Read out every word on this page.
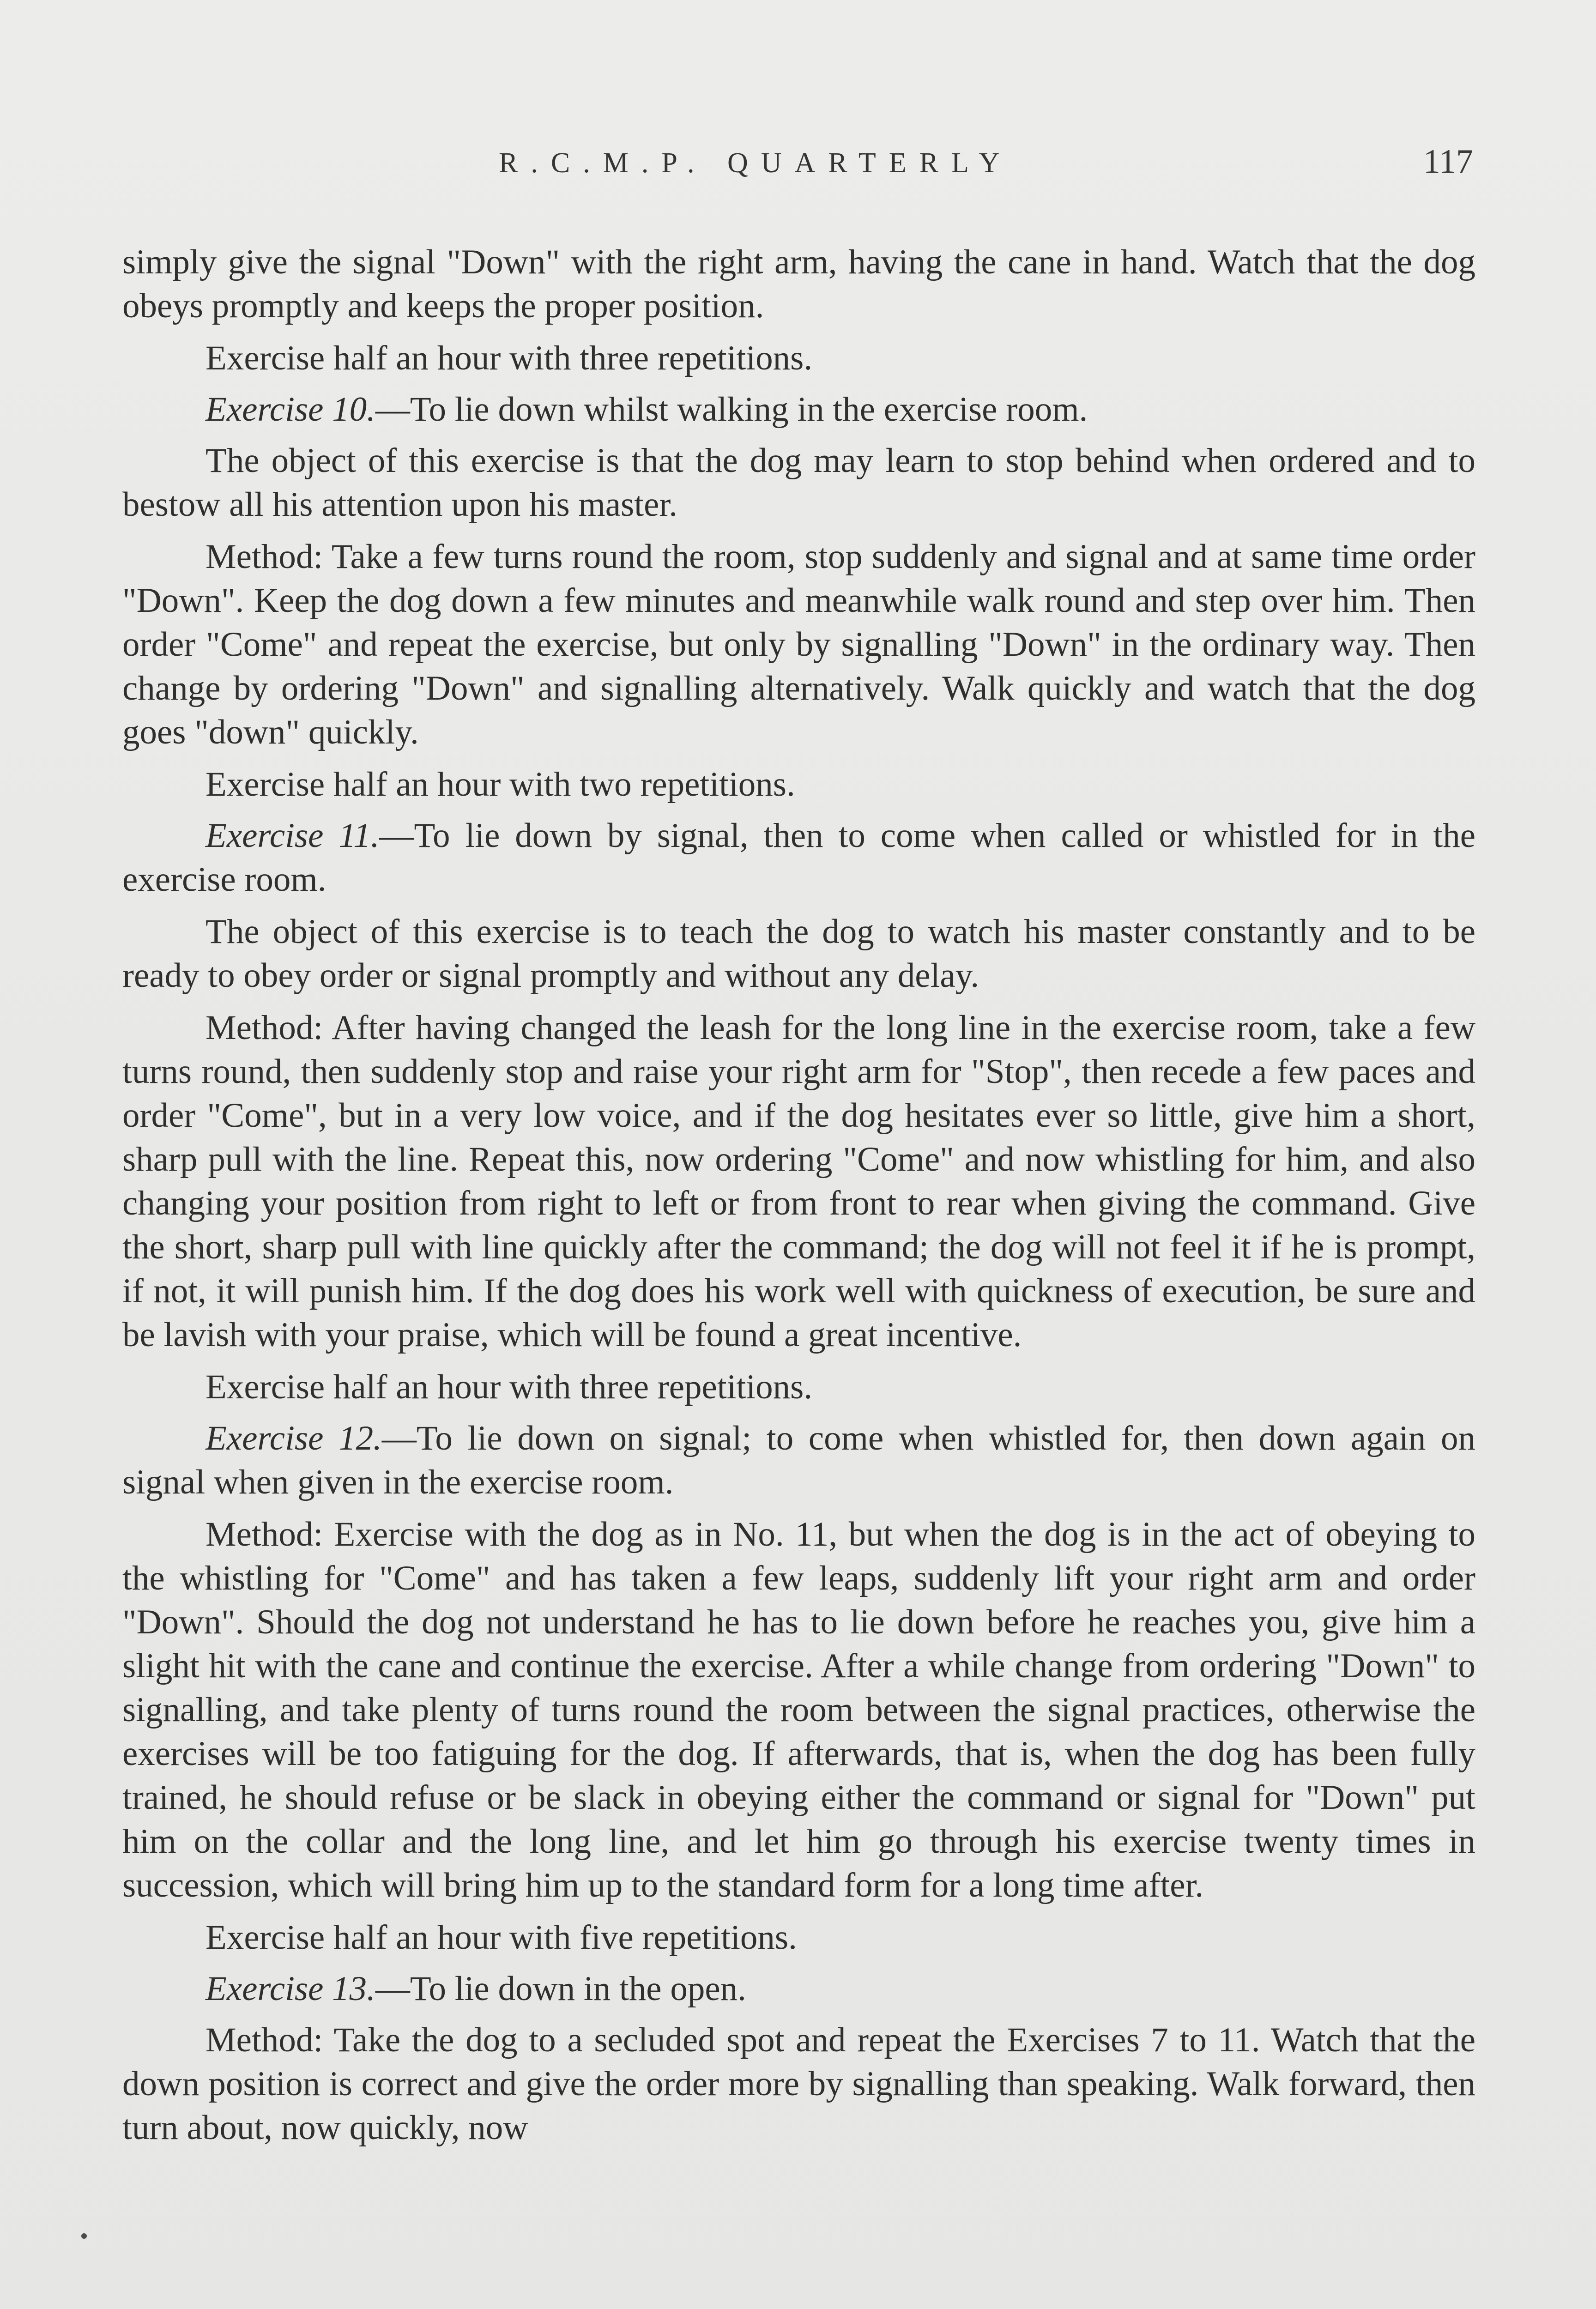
R.C.M.P. QUARTERLY	117

simply give the signal "Down" with the right arm, having the cane in hand. Watch that the dog obeys promptly and keeps the proper position.

Exercise half an hour with three repetitions.

Exercise 10.—To lie down whilst walking in the exercise room.

The object of this exercise is that the dog may learn to stop behind when ordered and to bestow all his attention upon his master.

Method: Take a few turns round the room, stop suddenly and signal and at same time order "Down". Keep the dog down a few minutes and meanwhile walk round and step over him. Then order "Come" and repeat the exercise, but only by signalling "Down" in the ordinary way. Then change by ordering "Down" and signalling alternatively. Walk quickly and watch that the dog goes "down" quickly.

Exercise half an hour with two repetitions.

Exercise 11.—To lie down by signal, then to come when called or whistled for in the exercise room.

The object of this exercise is to teach the dog to watch his master constantly and to be ready to obey order or signal promptly and without any delay.

Method: After having changed the leash for the long line in the exercise room, take a few turns round, then suddenly stop and raise your right arm for "Stop", then recede a few paces and order "Come", but in a very low voice, and if the dog hesitates ever so little, give him a short, sharp pull with the line. Repeat this, now ordering "Come" and now whistling for him, and also changing your position from right to left or from front to rear when giving the command. Give the short, sharp pull with line quickly after the command; the dog will not feel it if he is prompt, if not, it will punish him. If the dog does his work well with quickness of execution, be sure and be lavish with your praise, which will be found a great incentive.

Exercise half an hour with three repetitions.

Exercise 12.—To lie down on signal; to come when whistled for, then down again on signal when given in the exercise room.

Method: Exercise with the dog as in No. 11, but when the dog is in the act of obeying to the whistling for "Come" and has taken a few leaps, suddenly lift your right arm and order "Down". Should the dog not understand he has to lie down before he reaches you, give him a slight hit with the cane and continue the exercise. After a while change from ordering "Down" to signalling, and take plenty of turns round the room between the signal practices, otherwise the exercises will be too fatiguing for the dog. If afterwards, that is, when the dog has been fully trained, he should refuse or be slack in obeying either the command or signal for "Down" put him on the collar and the long line, and let him go through his exercise twenty times in succession, which will bring him up to the standard form for a long time after.

Exercise half an hour with five repetitions.

Exercise 13.—To lie down in the open.

Method: Take the dog to a secluded spot and repeat the Exercises 7 to 11. Watch that the down position is correct and give the order more by signalling than speaking. Walk forward, then turn about, now quickly, now
